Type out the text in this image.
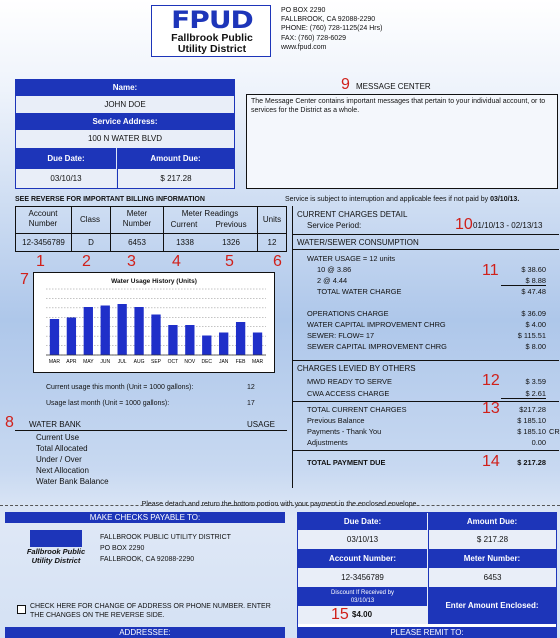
FPUD
Fallbrook Public
Utility District
PO BOX 2290
FALLBROOK, CA 92088-2290
PHONE: (760) 728-1125(24 Hrs)
FAX: (760) 728-6029
www.fpud.com
Name:
JOHN DOE
Service Address:
100 N WATER BLVD
Due Date:	Amount Due:
03/10/13	$ 217.28
9 MESSAGE CENTER
The Message Center contains important messages that pertain to your individual account, or to services for the District as a whole.
SEE REVERSE FOR IMPORTANT BILLING INFORMATION	Service is subject to interruption and applicable fees if not paid by 03/10/13.
Account
Number	Class
Meter
Number
Meter Readings
Current	Previous
Units
12-3456789	D	6453	1338	1326	12
1 2 3 4	5 6
7	Water Usage History (Units)
MAR APR MAY JUN JUL AUG SEP OCT NOV DEC JAN FEB MAR
Current usage this month (Unit = 1000 gallons):	12
Usage last month (Unit = 1000 gallons):	17
8 WATER BANK	USAGE
Current Use
Total Allocated
Under / Over
Next Allocation
Water Bank Balance
CURRENT CHARGES DETAIL
Service Period:	10 01/10/13 - 02/13/13
WATER/SEWER CONSUMPTION
WATER USAGE = 12 units
10 @ 3.86	11	$ 38.60
2 @ 4.44	$ 8.88
TOTAL WATER CHARGE	$ 47.48
OPERATIONS CHARGE	$ 36.09
WATER CAPITAL IMPROVEMENT CHRG	$ 4.00
SEWER: FLOW= 17	$ 115.51
SEWER CAPITAL IMPROVEMENT CHRG	$ 8.00
CHARGES LEVIED BY OTHERS
MWD READY TO SERVE	12	$ 3.59
CWA ACCESS CHARGE	$ 2.61
TOTAL CURRENT CHARGES	13	$217.28
Previous Balance	$ 185.10
Payments - Thank You	$ 185.10 CR
Adjustments	0.00
TOTAL PAYMENT DUE	14	$ 217.28
Please detach and return the bottom portion with your payment in the enclosed envelope.
MAKE CHECKS PAYABLE TO:
Fallbrook Public
Utility District
FALLBROOK PUBLIC UTILITY DISTRICT
PO BOX 2290
FALLBROOK, CA 92088-2290
CHECK HERE FOR CHANGE OF ADDRESS OR PHONE NUMBER. ENTER THE CHANGES ON THE REVERSE SIDE.
ADDRESSEE:
Due Date:	Amount Due:
03/10/13	$ 217.28
Account Number:	Meter Number:
12-3456789	6453
Discount If Received by
03/10/13	Enter Amount Enclosed:
15 $4.00
PLEASE REMIT TO:
